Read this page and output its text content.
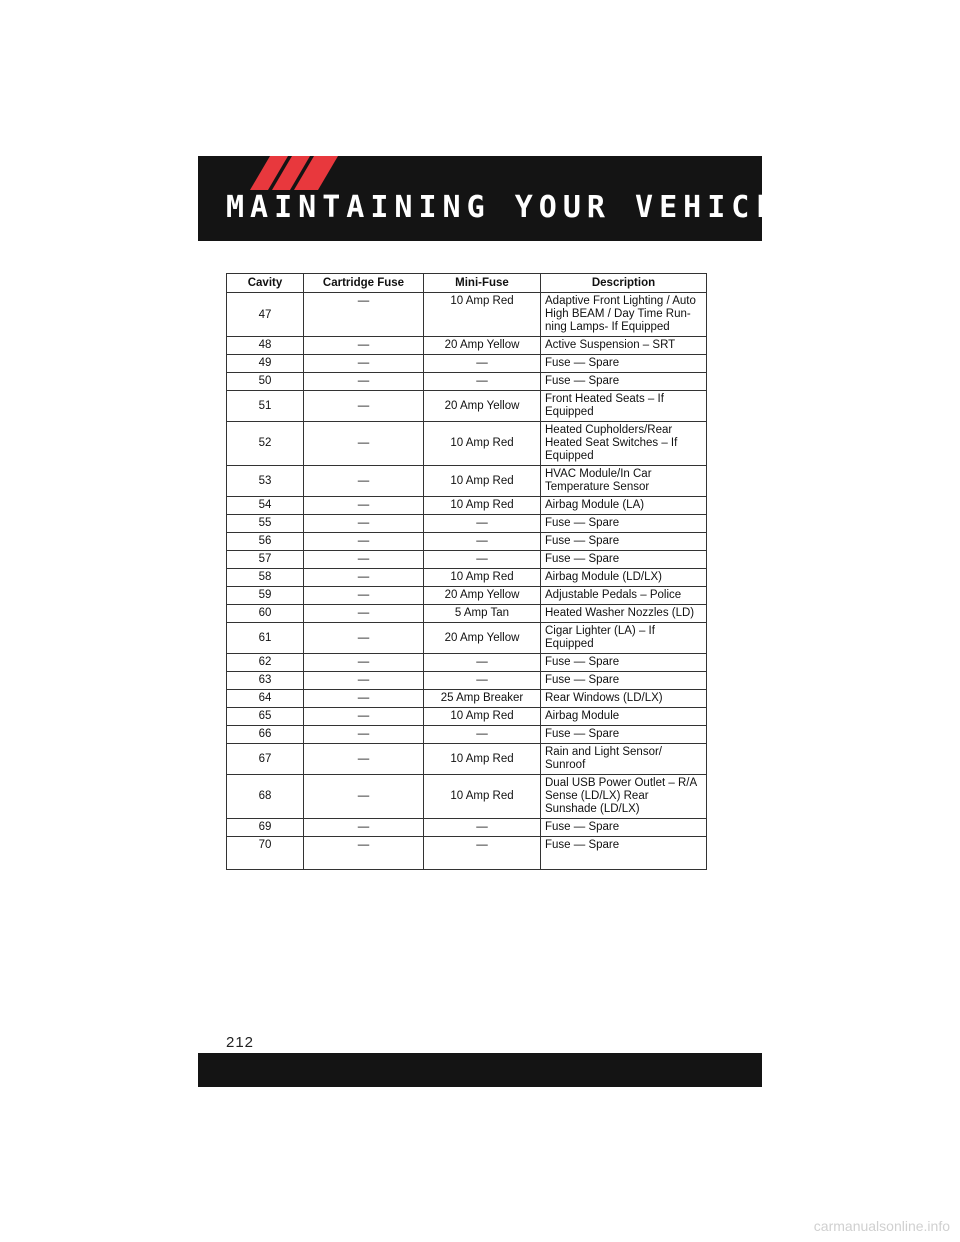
MAINTAINING YOUR VEHICLE
Cavity	Cartridge Fuse	Mini-Fuse	Description
47	—	10 Amp Red	Adaptive Front Lighting / Auto High BEAM / Day Time Run- ning Lamps- If Equipped
48	—	20 Amp Yellow	Active Suspension – SRT
49	—	—	Fuse — Spare
50	—	—	Fuse — Spare
51	—	20 Amp Yellow	Front Heated Seats – If Equipped
52	—	10 Amp Red	Heated Cupholders/Rear Heated Seat Switches – If Equipped
53	—	10 Amp Red	HVAC Module/In Car Temperature Sensor
54	—	10 Amp Red	Airbag Module (LA)
55	—	—	Fuse — Spare
56	—	—	Fuse — Spare
57	—	—	Fuse — Spare
58	—	10 Amp Red	Airbag Module (LD/LX)
59	—	20 Amp Yellow	Adjustable Pedals – Police
60	—	5 Amp Tan	Heated Washer Nozzles (LD)
61	—	20 Amp Yellow	Cigar Lighter (LA) – If Equipped
62	—	—	Fuse — Spare
63	—	—	Fuse — Spare
64	—	25 Amp Breaker	Rear Windows (LD/LX)
65	—	10 Amp Red	Airbag Module
66	—	—	Fuse — Spare
67	—	10 Amp Red	Rain and Light Sensor/ Sunroof
68	—	10 Amp Red	Dual USB Power Outlet – R/A Sense (LD/LX) Rear Sunshade (LD/LX)
69	—	—	Fuse — Spare
70	—	—	Fuse — Spare
212
carmanualsonline.info
